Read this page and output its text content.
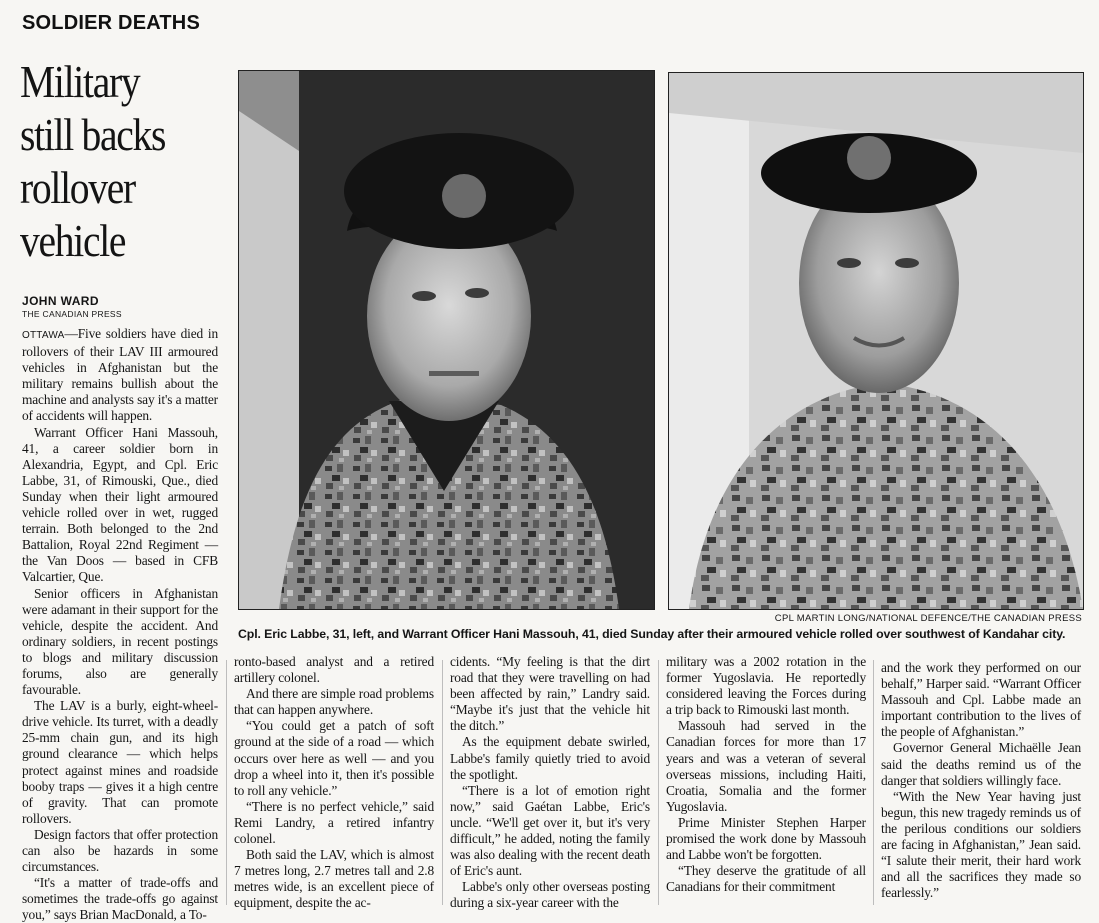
SOLDIER DEATHS
Military still backs rollover vehicle
JOHN WARD
THE CANADIAN PRESS
CPL MARTIN LONG/NATIONAL DEFENCE/THE CANADIAN PRESS
Cpl. Eric Labbe, 31, left, and Warrant Officer Hani Massouh, 41, died Sunday after their armoured vehicle rolled over southwest of Kandahar city.

OTTAWA—Five soldiers have died in rollovers of their LAV III armoured vehicles in Afghanistan but the military remains bullish about the machine and analysts say it's a matter of accidents will happen.

Warrant Officer Hani Massouh, 41, a career soldier born in Alexandria, Egypt, and Cpl. Eric Labbe, 31, of Rimouski, Que., died Sunday when their light armoured vehicle rolled over in wet, rugged terrain. Both belonged to the 2nd Battalion, Royal 22nd Regiment — the Van Doos — based in CFB Valcartier, Que.

Senior officers in Afghanistan were adamant in their support for the vehicle, despite the accident. And ordinary soldiers, in recent postings to blogs and military discussion forums, also are generally favourable.

The LAV is a burly, eight-wheel-drive vehicle. Its turret, with a deadly 25-mm chain gun, and its high ground clearance — which helps protect against mines and roadside booby traps — gives it a high centre of gravity. That can promote rollovers.

Design factors that offer protection can also be hazards in some circumstances.

“It's a matter of trade-offs and sometimes the trade-offs go against you,” says Brian MacDonald, a To-

ronto-based analyst and a retired artillery colonel.

And there are simple road problems that can happen anywhere.

“You could get a patch of soft ground at the side of a road — which occurs over here as well — and you drop a wheel into it, then it's possible to roll any vehicle.”

“There is no perfect vehicle,” said Remi Landry, a retired infantry colonel.

Both said the LAV, which is almost 7 metres long, 2.7 metres tall and 2.8 metres wide, is an excellent piece of equipment, despite the ac-

cidents. “My feeling is that the dirt road that they were travelling on had been affected by rain,” Landry said. “Maybe it's just that the vehicle hit the ditch.”

As the equipment debate swirled, Labbe's family quietly tried to avoid the spotlight.

“There is a lot of emotion right now,” said Gaétan Labbe, Eric's uncle. “We'll get over it, but it's very difficult,” he added, noting the family was also dealing with the recent death of Eric's aunt.

Labbe's only other overseas posting during a six-year career with the

military was a 2002 rotation in the former Yugoslavia. He reportedly considered leaving the Forces during a trip back to Rimouski last month.

Massouh had served in the Canadian forces for more than 17 years and was a veteran of several overseas missions, including Haiti, Croatia, Somalia and the former Yugoslavia.

Prime Minister Stephen Harper promised the work done by Massouh and Labbe won't be forgotten.

“They deserve the gratitude of all Canadians for their commitment

and the work they performed on our behalf,” Harper said. “Warrant Officer Massouh and Cpl. Labbe made an important contribution to the lives of the people of Afghanistan.”

Governor General Michaëlle Jean said the deaths remind us of the danger that soldiers willingly face.

“With the New Year having just begun, this new tragedy reminds us of the perilous conditions our soldiers are facing in Afghanistan,” Jean said. “I salute their merit, their hard work and all the sacrifices they made so fearlessly.”
